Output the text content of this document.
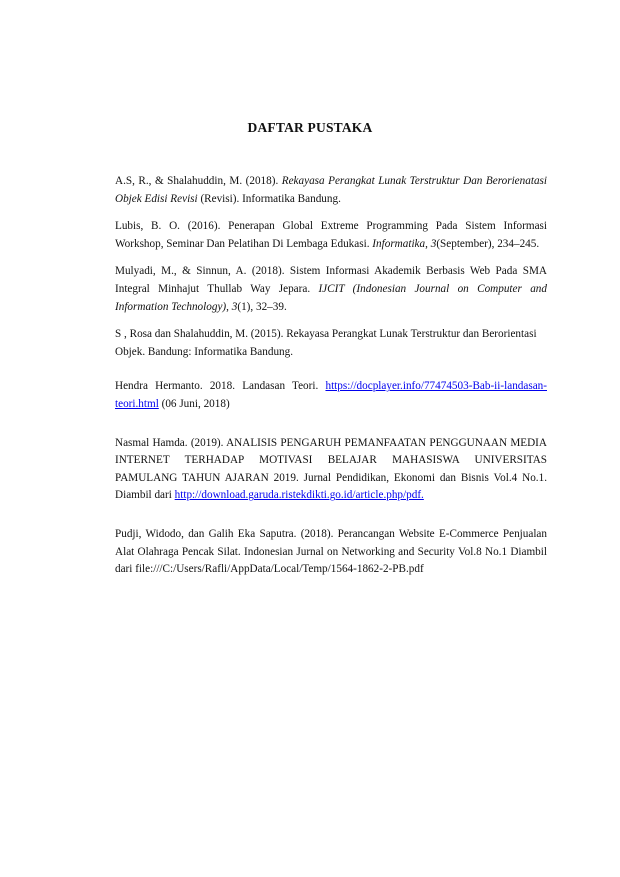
DAFTAR PUSTAKA

A.S, R., & Shalahuddin, M. (2018). Rekayasa Perangkat Lunak Terstruktur Dan Berorienatasi Objek Edisi Revisi (Revisi). Informatika Bandung.

Lubis, B. O. (2016). Penerapan Global Extreme Programming Pada Sistem Informasi Workshop, Seminar Dan Pelatihan Di Lembaga Edukasi. Informatika, 3(September), 234–245.

Mulyadi, M., & Sinnun, A. (2018). Sistem Informasi Akademik Berbasis Web Pada SMA Integral Minhajut Thullab Way Jepara. IJCIT (Indonesian Journal on Computer and Information Technology), 3(1), 32–39.

S , Rosa dan Shalahuddin, M. (2015). Rekayasa Perangkat Lunak Terstruktur dan Berorientasi Objek. Bandung: Informatika Bandung.

Hendra Hermanto. 2018. Landasan Teori. https://docplayer.info/77474503-Bab-ii-landasan-teori.html (06 Juni, 2018)

Nasmal Hamda. (2019). ANALISIS PENGARUH PEMANFAATAN PENGGUNAAN MEDIA INTERNET TERHADAP MOTIVASI BELAJAR MAHASISWA UNIVERSITAS PAMULANG TAHUN AJARAN 2019. Jurnal Pendidikan, Ekonomi dan Bisnis Vol.4 No.1. Diambil dari http://download.garuda.ristekdikti.go.id/article.php/pdf.

Pudji, Widodo, dan Galih Eka Saputra. (2018). Perancangan Website E-Commerce Penjualan Alat Olahraga Pencak Silat. Indonesian Jurnal on Networking and Security Vol.8 No.1 Diambil dari file:///C:/Users/Rafli/AppData/Local/Temp/1564-1862-2-PB.pdf
